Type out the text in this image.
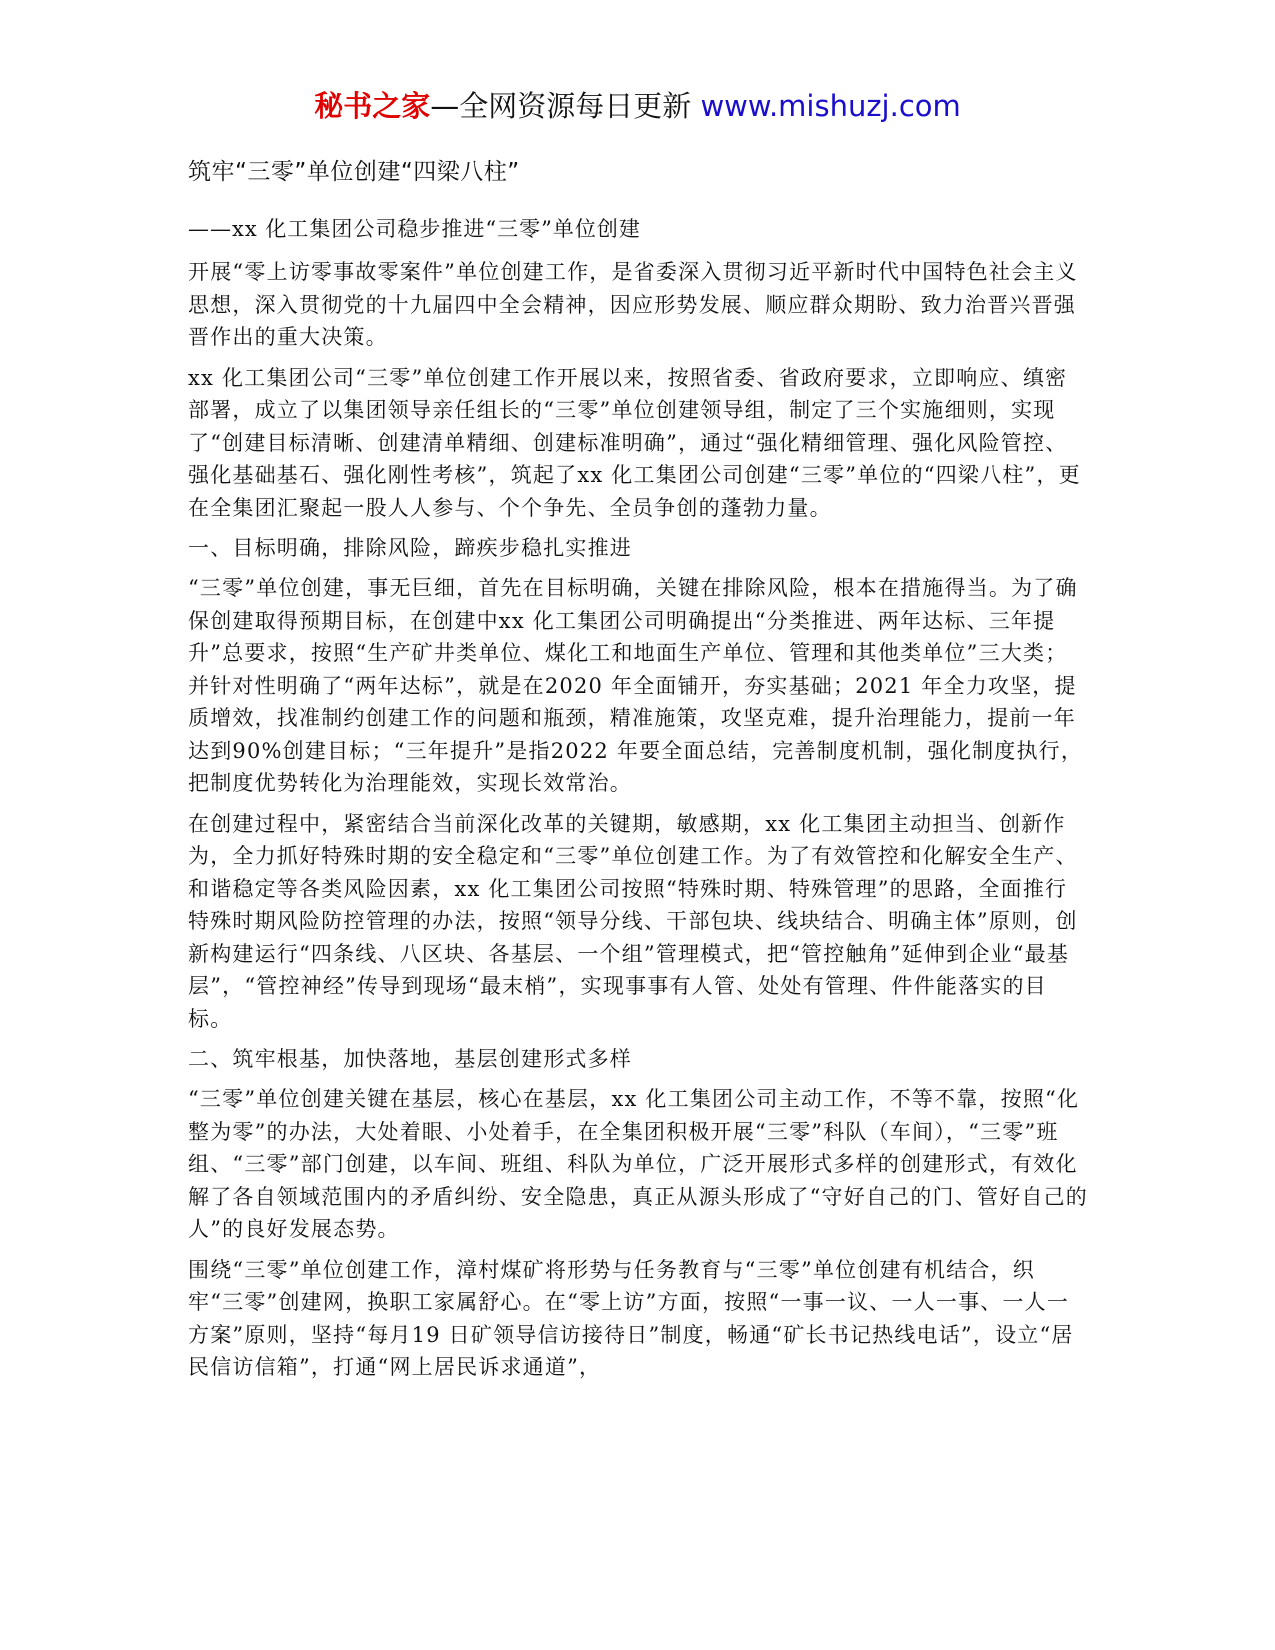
秘书之家—全网资源每日更新 www.mishuzj.com
筑牢“三零”单位创建“四梁八柱”
——xx 化工集团公司稳步推进“三零”单位创建

开展“零上访零事故零案件”单位创建工作，是省委深入贯彻习近平新时代中国特色社会主义思想，深入贯彻党的十九届四中全会精神，因应形势发展、顺应群众期盼、致力治晋兴晋强晋作出的重大决策。

xx 化工集团公司“三零”单位创建工作开展以来，按照省委、省政府要求，立即响应、缜密部署，成立了以集团领导亲任组长的“三零”单位创建领导组，制定了三个实施细则，实现了“创建目标清晰、创建清单精细、创建标准明确”，通过“强化精细管理、强化风险管控、强化基础基石、强化刚性考核”，筑起了xx 化工集团公司创建“三零”单位的“四梁八柱”，更在全集团汇聚起一股人人参与、个个争先、全员争创的蓬勃力量。

一、目标明确，排除风险，蹄疾步稳扎实推进

“三零”单位创建，事无巨细，首先在目标明确，关键在排除风险，根本在措施得当。为了确保创建取得预期目标，在创建中xx 化工集团公司明确提出“分类推进、两年达标、三年提升”总要求，按照“生产矿井类单位、煤化工和地面生产单位、管理和其他类单位”三大类；并针对性明确了“两年达标”，就是在2020 年全面铺开，夯实基础；2021 年全力攻坚，提质增效，找准制约创建工作的问题和瓶颈，精准施策，攻坚克难，提升治理能力，提前一年达到90%创建目标；“三年提升”是指2022 年要全面总结，完善制度机制，强化制度执行，把制度优势转化为治理能效，实现长效常治。

在创建过程中，紧密结合当前深化改革的关键期，敏感期，xx 化工集团主动担当、创新作为，全力抓好特殊时期的安全稳定和“三零”单位创建工作。为了有效管控和化解安全生产、和谐稳定等各类风险因素，xx 化工集团公司按照“特殊时期、特殊管理”的思路，全面推行特殊时期风险防控管理的办法，按照“领导分线、干部包块、线块结合、明确主体”原则，创新构建运行“四条线、八区块、各基层、一个组”管理模式，把“管控触角”延伸到企业“最基层”，“管控神经”传导到现场“最末梢”，实现事事有人管、处处有管理、件件能落实的目标。

二、筑牢根基，加快落地，基层创建形式多样

“三零”单位创建关键在基层，核心在基层，xx 化工集团公司主动工作，不等不靠，按照“化整为零”的办法，大处着眼、小处着手，在全集团积极开展“三零”科队（车间），“三零”班组、“三零”部门创建，以车间、班组、科队为单位，广泛开展形式多样的创建形式，有效化解了各自领域范围内的矛盾纠纷、安全隐患，真正从源头形成了“守好自己的门、管好自己的人”的良好发展态势。

围绕“三零”单位创建工作，漳村煤矿将形势与任务教育与“三零”单位创建有机结合，织牢“三零”创建网，换职工家属舒心。在“零上访”方面，按照“一事一议、一人一事、一人一方案”原则，坚持“每月19 日矿领导信访接待日”制度，畅通“矿长书记热线电话”，设立“居民信访信箱”，打通“网上居民诉求通道”，
